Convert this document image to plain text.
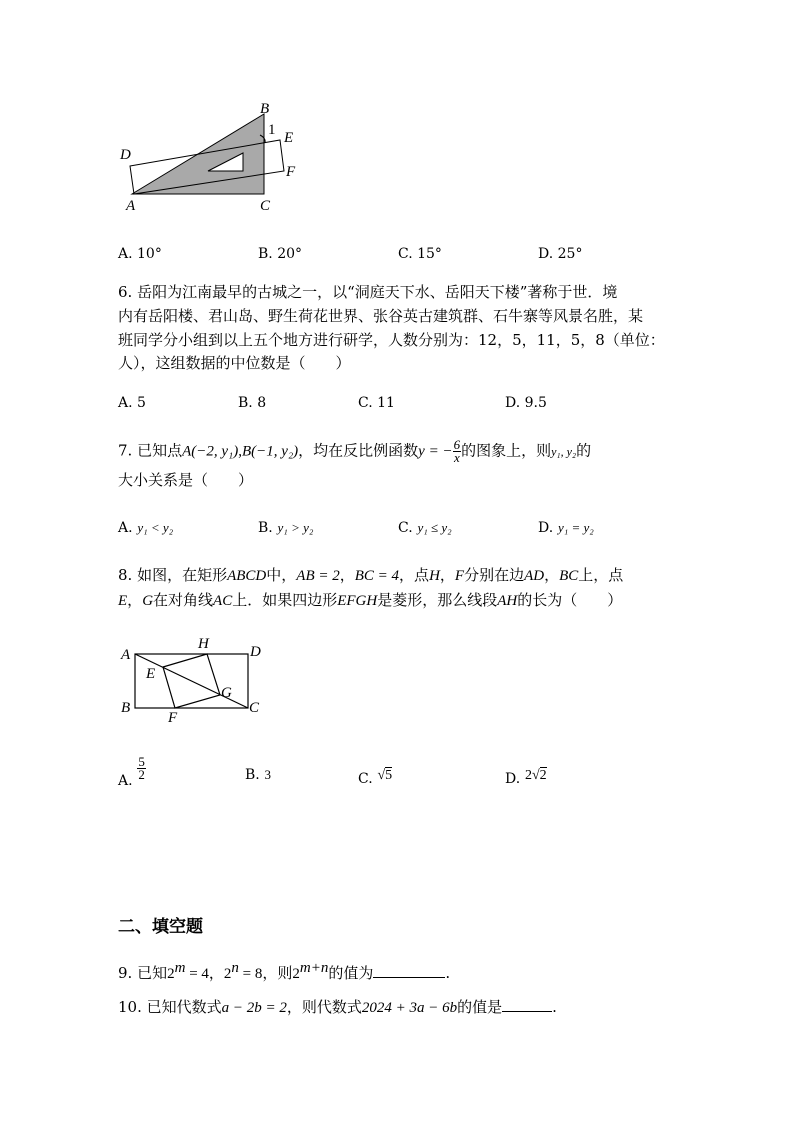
B
1 E
D
F
A	C
A. 10°	B. 20°	C. 15°	D. 25°
6. 岳阳为江南最早的古城之一，以“洞庭天下水、岳阳天下楼”著称于世．境
内有岳阳楼、君山岛、野生荷花世界、张谷英古建筑群、石牛寨等风景名胜，某
班同学分小组到以上五个地方进行研学，人数分别为：12，5，11，5，8（单位：
人），这组数据的中位数是（　　）
A. 5	B. 8	C. 11	D. 9.5
7. 已知点A(−2, y₁),B(−1, y₂)，均在反比例函数y = − $\frac{6}{x}$ 的图象上，则y₁, y₂的
大小关系是（　　）
A. y₁ < y₂	B. y₁ > y₂	C. y₁ ≤ y₂	D. y₁ = y₂
8. 如图，在矩形ABCD中，AB = 2，BC = 4，点H，F分别在边AD，BC上，点
E，G在对角线AC上．如果四边形EFGH是菱形，那么线段AH的长为（　　）
A
H	D
E
G
B
F
C
A. $\frac{5}{2}$	B. 3	C. √5	D. 2√2
二、填空题
9. 已知$2^m = 4$，$2^n = 8$，则$2^{m+n}$的值为	.
10. 已知代数式a − 2b = 2，则代数式2024 + 3a − 6b的值是	.
